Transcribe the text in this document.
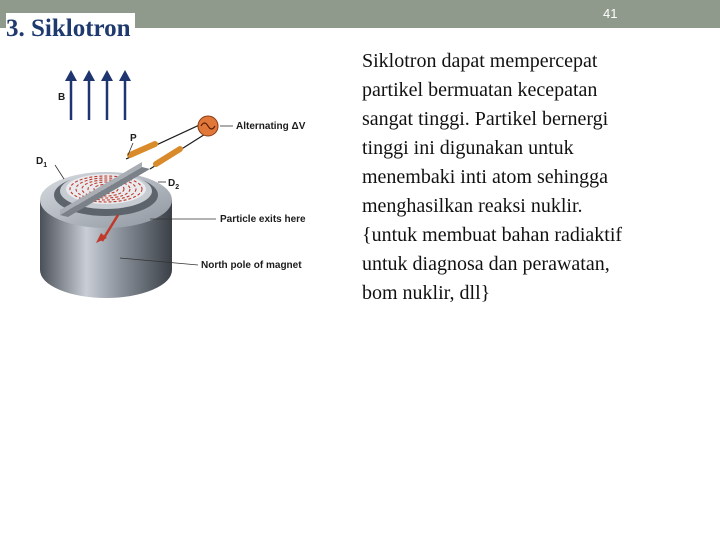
3. Siklotron
41
B
P
$D_1$
$D_2$
Alternating ΔV
Particle exits here
North pole of magnet
Siklotron dapat mempercepat
partikel bermuatan kecepatan
sangat tinggi. Partikel bernergi
tinggi ini digunakan untuk
menembaki inti atom sehingga
menghasilkan reaksi nuklir.
{untuk membuat bahan radiaktif
untuk diagnosa dan perawatan,
bom nuklir, dll}
